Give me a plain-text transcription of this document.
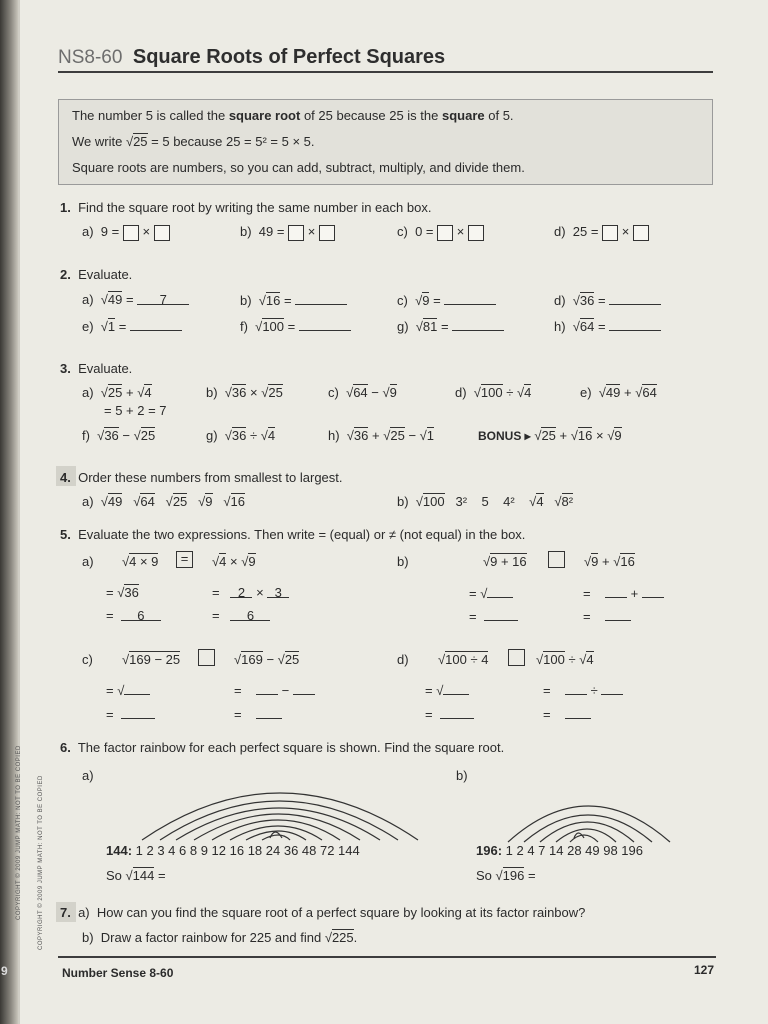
9
NS8-60 Square Roots of Perfect Squares
The number 5 is called the square root of 25 because 25 is the square of 5.
We write √25 = 5 because 25 = 5² = 5 × 5.
Square roots are numbers, so you can add, subtract, multiply, and divide them.
1. Find the square root by writing the same number in each box.
a) 9 = ×	b) 49 = ×	c) 0 = ×	d) 25 = ×
2. Evaluate.
a)  √49 = 7	b)  √16 =	c)  √9 =	d)  √36 =
e)  √1 =	f)  √100 =	g)  √81 =	h)  √64 =
3. Evaluate.
a)  √25 + √4
= 5 + 2 = 7
b)  √36 × √25	c)  √64 − √9	d)  √100 ÷ √4	e)  √49 + √64
f)  √36 − √25	g)  √36 ÷ √4	h)  √36 + √25 − √1	BONUS ▸ √25 + √16 × √9
4. Order these numbers from smallest to largest.
a)  √49   √64   √25   √9   √16	b)  √100 3² 5 4²    √4   √8²
5. Evaluate the two expressions. Then write = (equal) or ≠ (not equal) in the box.
a) √4 × 9	=	√4 × √9
= √36	= 2 × 3
= 6	= 6
b)	√9 + 16	√9 + √16
= √	=	+
=	=
c) √169 − 25	√169 − √25
= √	=	−
=	=
d) √100 ÷ 4	√100 ÷ √4
= √	=	÷
=	=
6. The factor rainbow for each perfect square is shown. Find the square root.
a)	b)
144: 1 2 3 4 6 8 9 12 16 18 24 36 48 72 144
So √144 =
196: 1 2 4 7 14 28 49 98 196
So √196 =
7. a) How can you find the square root of a perfect square by looking at its factor rainbow?
b) Draw a factor rainbow for 225 and find √225.
COPYRIGHT © 2009 JUMP MATH: NOT TO BE COPIED	COPYRIGHT © 2009 JUMP MATH: NOT TO BE COPIED
Number Sense 8-60	127
